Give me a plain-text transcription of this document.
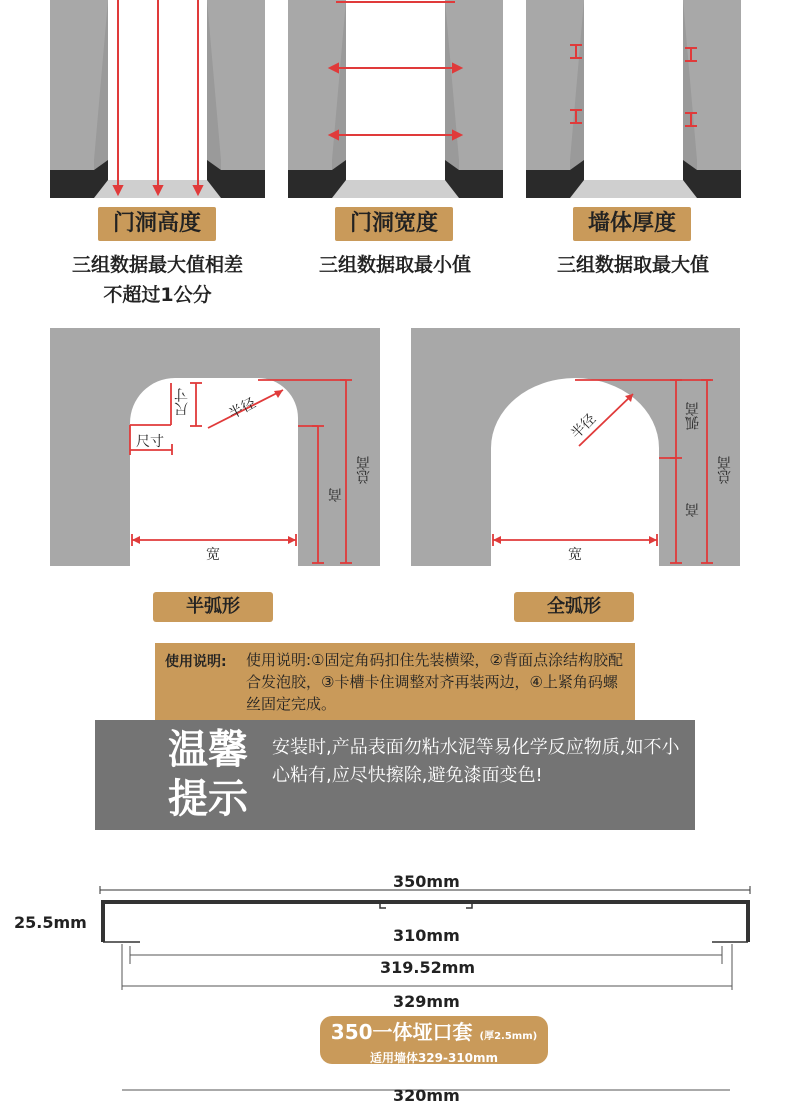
门洞高度	门洞宽度	墙体厚度
三组数据最大值相差
不超过1公分
三组数据取最小值	三组数据取最大值
尺寸
尺寸
半径
高
总高
宽
半径	弧高
高
总高
宽
半弧形	全弧形
使用说明: 使用说明:①固定角码扣住先装横梁，②背面点涂结构胶配合发泡胶，③卡槽卡住调整对齐再装两边，④上紧角码螺丝固定完成。
温馨
提示
安装时,产品表面勿粘水泥等易化学反应物质,如不小心粘有,应尽快擦除,避免漆面变色!
350mm
25.5mm
310mm
319.52mm
329mm
350一体垭口套 (厚2.5mm)
适用墙体329-310mm
320mm
